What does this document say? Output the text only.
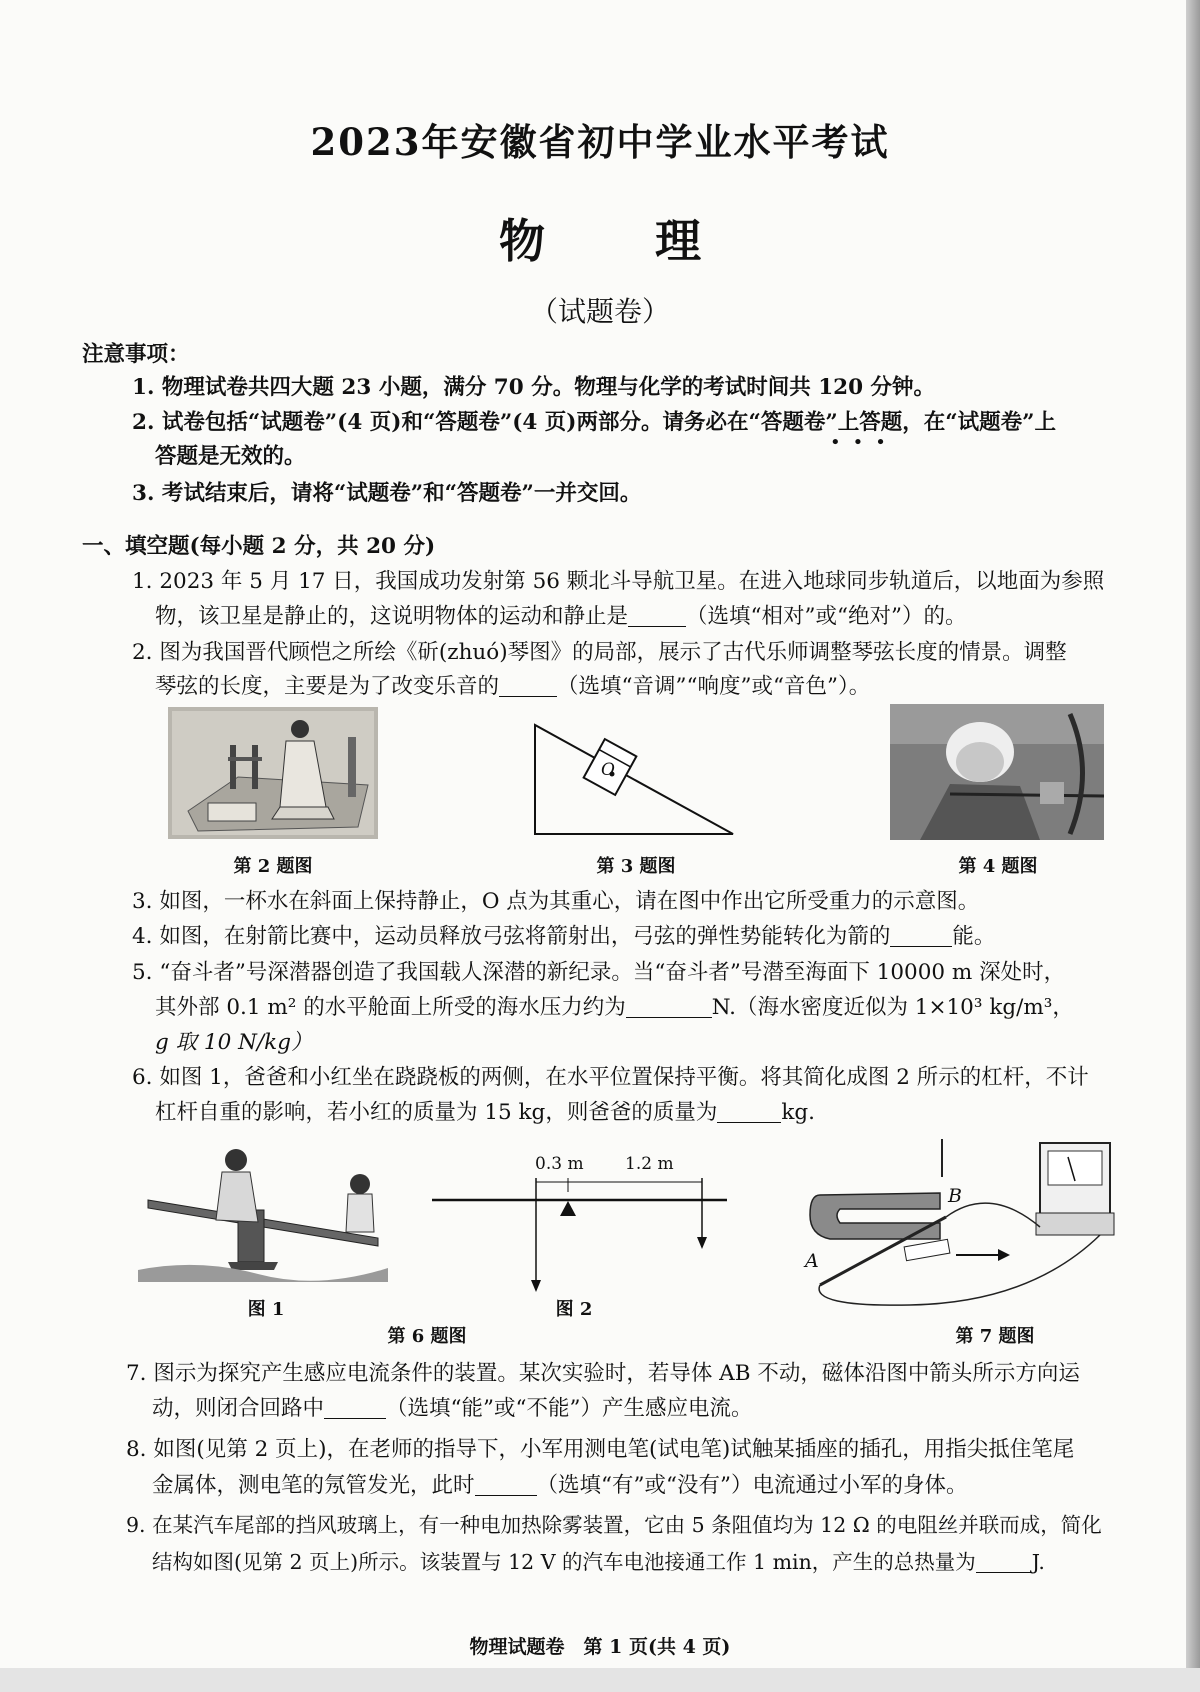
2023年安徽省初中学业水平考试
物理
（试题卷）
注意事项：
1. 物理试卷共四大题 23 小题，满分 70 分。物理与化学的考试时间共 120 分钟。
2. 试卷包括“试题卷”(4 页)和“答题卷”(4 页)两部分。请务必在“答题卷”上答题，在“试题卷”上
•••
答题是无效的。
3. 考试结束后，请将“试题卷”和“答题卷”一并交回。
一、填空题(每小题 2 分，共 20 分)
1. 2023 年 5 月 17 日，我国成功发射第 56 颗北斗导航卫星。在进入地球同步轨道后，以地面为参照
物，该卫星是静止的，这说明物体的运动和静止是	（选填“相对”或“绝对”）的。
2. 图为我国晋代顾恺之所绘《斫(zhuó)琴图》的局部，展示了古代乐师调整琴弦长度的情景。调整
琴弦的长度，主要是为了改变乐音的	（选填“音调”“响度”或“音色”）。
第 2 题图
O
第 3 题图	第 4 题图
3. 如图，一杯水在斜面上保持静止，O 点为其重心，请在图中作出它所受重力的示意图。
4. 如图，在射箭比赛中，运动员释放弓弦将箭射出，弓弦的弹性势能转化为箭的	能。
5. “奋斗者”号深潜器创造了我国载人深潜的新纪录。当“奋斗者”号潜至海面下 10000 m 深处时，
其外部 0.1 m² 的水平舱面上所受的海水压力约为	N.（海水密度近似为 1×10³ kg/m³，
g 取 10 N/kg）
6. 如图 1，爸爸和小红坐在跷跷板的两侧，在水平位置保持平衡。将其简化成图 2 所示的杠杆，不计
杠杆自重的影响，若小红的质量为 15 kg，则爸爸的质量为	kg.
图 1
0.3 m 1.2 m
图 2
第 6 题图
A
B
第 7 题图
7. 图示为探究产生感应电流条件的装置。某次实验时，若导体 AB 不动，磁体沿图中箭头所示方向运
动，则闭合回路中	（选填“能”或“不能”）产生感应电流。
8. 如图(见第 2 页上)，在老师的指导下，小军用测电笔(试电笔)试触某插座的插孔，用指尖抵住笔尾
金属体，测电笔的氖管发光，此时	（选填“有”或“没有”）电流通过小军的身体。
9. 在某汽车尾部的挡风玻璃上，有一种电加热除雾装置，它由 5 条阻值均为 12 Ω 的电阻丝并联而成，简化
结构如图(见第 2 页上)所示。该装置与 12 V 的汽车电池接通工作 1 min，产生的总热量为	J.
物理试题卷　第 1 页(共 4 页)
